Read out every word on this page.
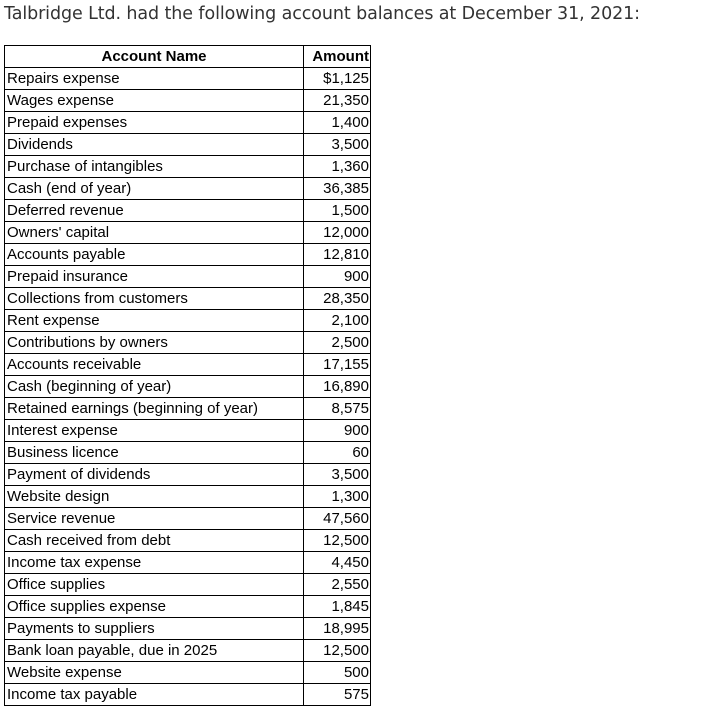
Talbridge Ltd. had the following account balances at December 31, 2021:
Account Name	Amount
Repairs expense	$1,125
Wages expense	21,350
Prepaid expenses	1,400
Dividends	3,500
Purchase of intangibles	1,360
Cash (end of year)	36,385
Deferred revenue	1,500
Owners' capital	12,000
Accounts payable	12,810
Prepaid insurance	900
Collections from customers	28,350
Rent expense	2,100
Contributions by owners	2,500
Accounts receivable	17,155
Cash (beginning of year)	16,890
Retained earnings (beginning of year)	8,575
Interest expense	900
Business licence	60
Payment of dividends	3,500
Website design	1,300
Service revenue	47,560
Cash received from debt	12,500
Income tax expense	4,450
Office supplies	2,550
Office supplies expense	1,845
Payments to suppliers	18,995
Bank loan payable, due in 2025	12,500
Website expense	500
Income tax payable	575
